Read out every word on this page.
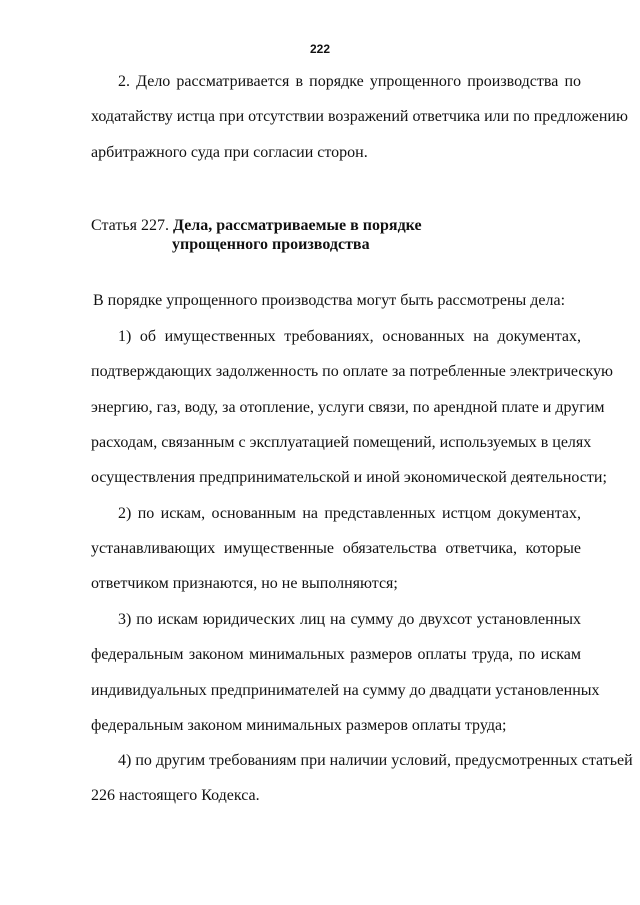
222
2. Дело рассматривается в порядке упрощенного производства по
ходатайству истца при отсутствии возражений ответчика или по предложению
арбитражного суда при согласии сторон.
Статья 227. Дела, рассматриваемые в порядке
упрощенного производства
В порядке упрощенного производства могут быть рассмотрены дела:
1) об имущественных требованиях, основанных на документах,
подтверждающих задолженность по оплате за потребленные электрическую
энергию, газ, воду, за отопление, услуги связи, по арендной плате и другим
расходам, связанным с эксплуатацией помещений, используемых в целях
осуществления предпринимательской и иной экономической деятельности;
2) по искам, основанным на представленных истцом документах,
устанавливающих имущественные обязательства ответчика, которые
ответчиком признаются, но не выполняются;
3) по искам юридических лиц на сумму до двухсот установленных
федеральным законом минимальных размеров оплаты труда, по искам
индивидуальных предпринимателей на сумму до двадцати установленных
федеральным законом минимальных размеров оплаты труда;
4) по другим требованиям при наличии условий, предусмотренных статьей
226 настоящего Кодекса.
